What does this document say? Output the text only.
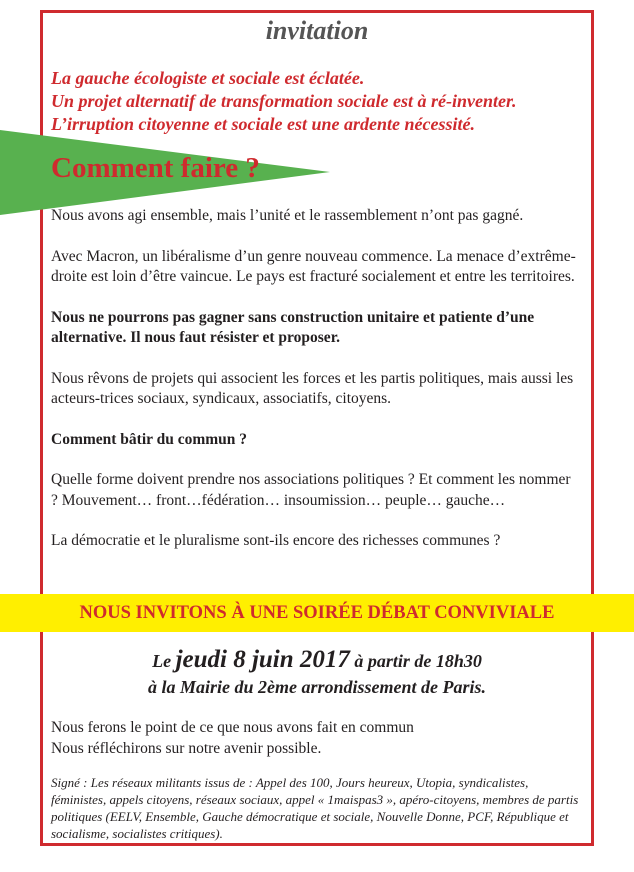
invitation
La gauche écologiste et sociale est éclatée.
Un projet alternatif de transformation sociale est à ré-inventer.
L’irruption citoyenne et sociale est une ardente nécessité.
Comment faire ?

Nous avons agi ensemble, mais l’unité et le rassemblement n’ont pas gagné.

Avec Macron, un libéralisme d’un genre nouveau commence. La menace d’extrême-droite est loin d’être vaincue. Le pays est fracturé socialement et entre les territoires.

Nous ne pourrons pas gagner sans construction unitaire et patiente d’une alternative. Il nous faut résister et proposer.

Nous rêvons de projets qui associent les forces et les partis politiques, mais aussi les acteurs-trices sociaux, syndicaux, associatifs, citoyens.

Comment bâtir du commun ?

Quelle forme doivent prendre nos associations politiques ? Et comment les nommer ? Mouvement… front…fédération… insoumission… peuple… gauche…

La démocratie et le pluralisme sont-ils encore des richesses communes ?

NOUS INVITONS À UNE SOIRÉE DÉBAT CONVIVIALE
Le jeudi 8 juin 2017 à partir de 18h30
à la Mairie du 2ème arrondissement de Paris.
Nous ferons le point de ce que nous avons fait en commun
Nous réfléchirons sur notre avenir possible.
Signé : Les réseaux militants issus de : Appel des 100, Jours heureux, Utopia, syndicalistes, féministes, appels citoyens, réseaux sociaux, appel « 1maispas3 », apéro-citoyens, membres de partis politiques (EELV, Ensemble, Gauche démocratique et sociale, Nouvelle Donne, PCF, République et socialisme, socialistes critiques).
